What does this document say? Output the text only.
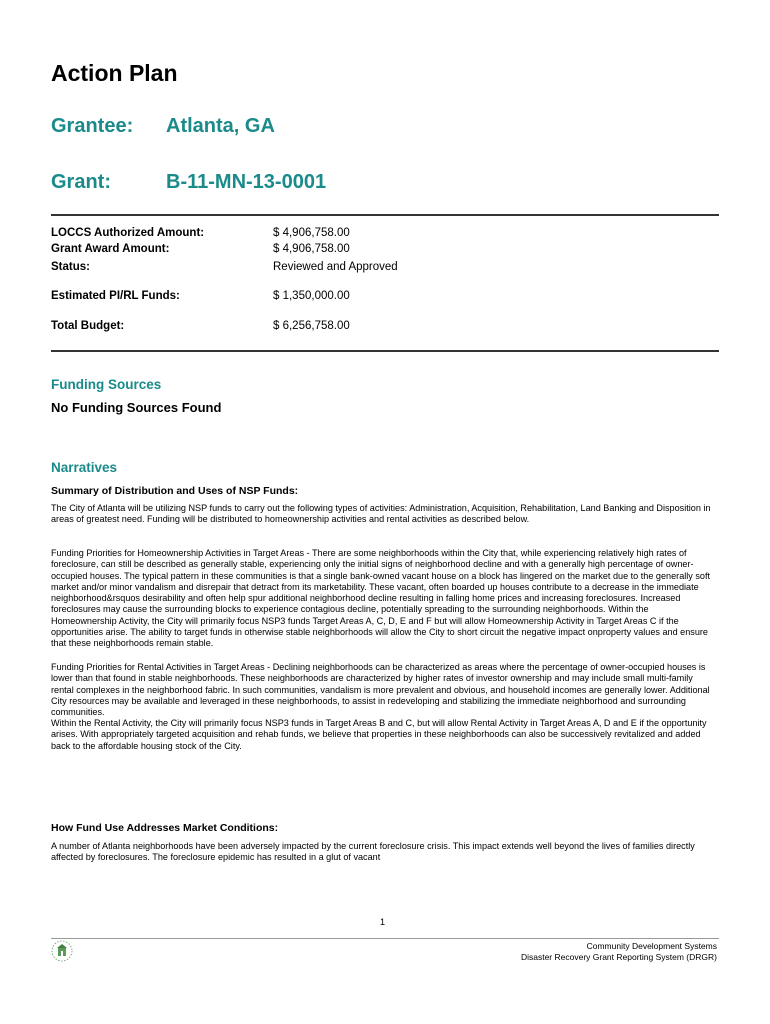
Action Plan
Grantee: Atlanta, GA
Grant:	B-11-MN-13-0001
LOCCS Authorized Amount:	$ 4,906,758.00
Grant Award Amount:	$ 4,906,758.00
Status:	Reviewed and Approved
Estimated PI/RL Funds:	$ 1,350,000.00
Total Budget:	$ 6,256,758.00
Funding Sources
No Funding Sources Found
Narratives
Summary of Distribution and Uses of NSP Funds:

The City of Atlanta will be utilizing NSP funds to carry out the following types of activities: Administration, Acquisition, Rehabilitation, Land Banking and Disposition in areas of greatest need. Funding will be distributed to homeownership activities and rental activities as described below.

Funding Priorities for Homeownership Activities in Target Areas - There are some neighborhoods within the City that, while experiencing relatively high rates of foreclosure, can still be described as generally stable, experiencing only the initial signs of neighborhood decline and with a generally high percentage of owner-occupied houses. The typical pattern in these communities is that a single bank-owned vacant house on a block has lingered on the market due to the generally soft market and/or minor vandalism and disrepair that detract from its marketability. These vacant, often boarded up houses contribute to a decrease in the immediate neighborhood&rsquos desirability and often help spur additional neighborhood decline resulting in falling home prices and increasing foreclosures. Increased foreclosures may cause the surrounding blocks to experience contagious decline, potentially spreading to the surrounding neighborhoods. Within the Homeownership Activity, the City will primarily focus NSP3 funds Target Areas A, C, D, E and F but will allow Homeownership Activity in Target Areas C if the opportunities arise. The ability to target funds in otherwise stable neighborhoods will allow the City to short circuit the negative impact onproperty values and ensure that these neighborhoods remain stable.

Funding Priorities for Rental Activities in Target Areas - Declining neighborhoods can be characterized as areas where the percentage of owner-occupied houses is lower than that found in stable neighborhoods. These neighborhoods are characterized by higher rates of investor ownership and may include small multi-family rental complexes in the neighborhood fabric. In such communities, vandalism is more prevalent and obvious, and household incomes are generally lower. Additional City resources may be available and leveraged in these neighborhoods, to assist in redeveloping and stabilizing the immediate neighborhood and surrounding communities.

Within the Rental Activity, the City will primarily focus NSP3 funds in Target Areas B and C, but will allow Rental Activity in Target Areas A, D and E if the opportunity arises. With appropriately targeted acquisition and rehab funds, we believe that properties in these neighborhoods can also be successively revitalized and added back to the affordable housing stock of the City.

How Fund Use Addresses Market Conditions:

A number of Atlanta neighborhoods have been adversely impacted by the current foreclosure crisis. This impact extends well beyond the lives of families directly affected by foreclosures. The foreclosure epidemic has resulted in a glut of vacant

1
Community Development Systems
Disaster Recovery Grant Reporting System (DRGR)
